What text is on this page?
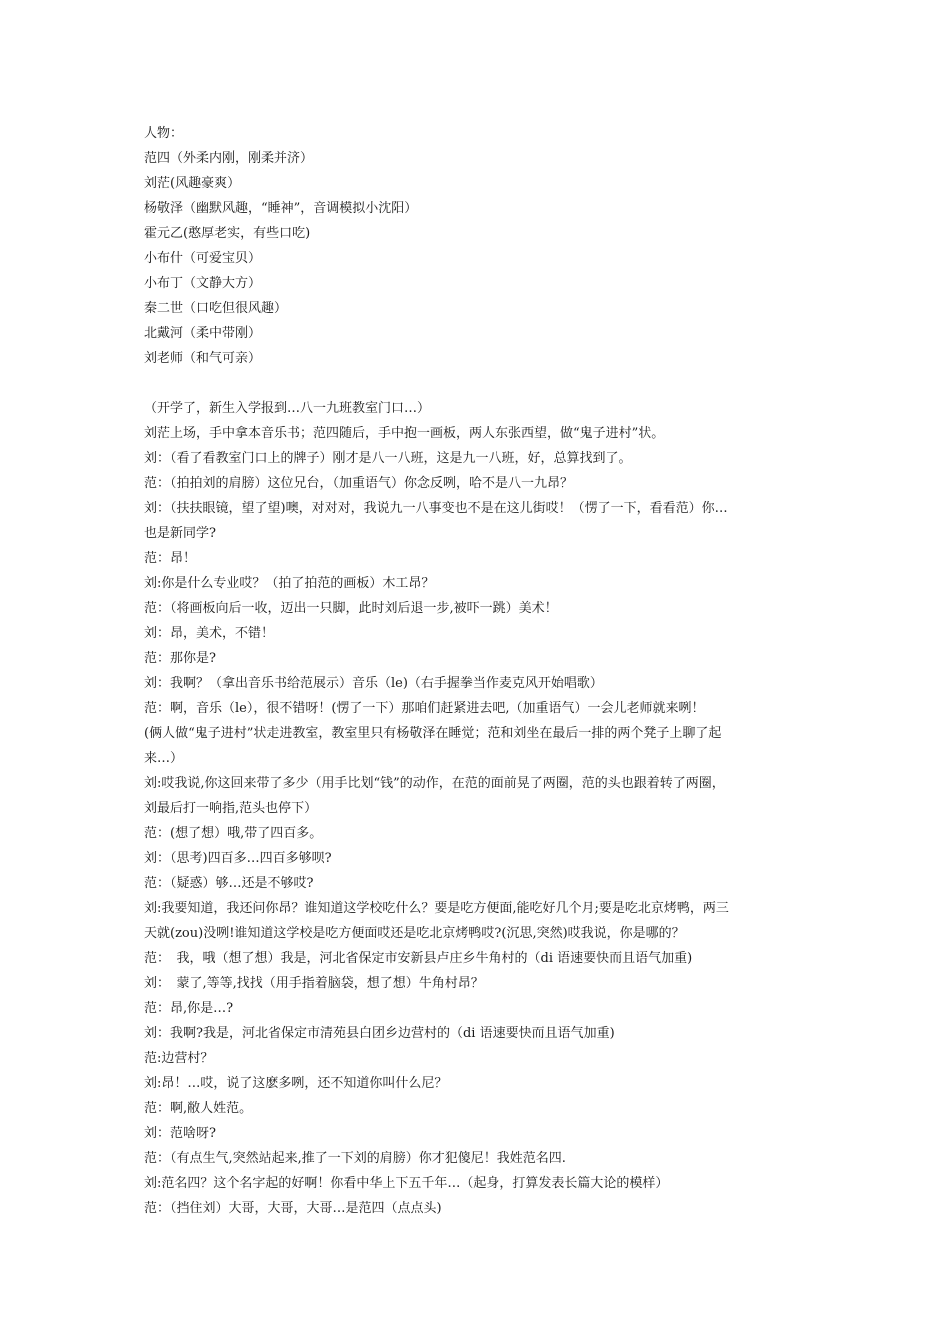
人物：
范四（外柔内刚，刚柔并济）
刘茫(风趣豪爽）
杨敬泽（幽默风趣，“睡神”，音调模拟小沈阳）
霍元乙(憨厚老实，有些口吃)
小布什（可爱宝贝）
小布丁（文静大方）
秦二世（口吃但很风趣）
北戴河（柔中带刚）
刘老师（和气可亲）
（开学了，新生入学报到…八一九班教室门口…）
刘茫上场，手中拿本音乐书；范四随后，手中抱一画板，两人东张西望，做“鬼子进村”状。
刘：（看了看教室门口上的牌子）刚才是八一八班，这是九一八班，好，总算找到了。
范：（拍拍刘的肩膀）这位兄台，（加重语气）你念反咧，哈不是八一九昂？
刘：（扶扶眼镜，望了望)噢，对对对，我说九一八事变也不是在这儿街哎！（愣了一下，看看范）你…
也是新同学?
范：昂！
刘:你是什么专业哎？（拍了拍范的画板）木工昂？
范：（将画板向后一收，迈出一只脚，此时刘后退一步,被吓一跳）美术！
刘：昂，美术，不错！
范：那你是?
刘：我啊？（拿出音乐书给范展示）音乐（le)（右手握拳当作麦克风开始唱歌）
范：啊，音乐（le），很不错呀！(愣了一下）那咱们赶紧进去吧,（加重语气）一会儿老师就来咧！
(俩人做“鬼子进村”状走进教室，教室里只有杨敬泽在睡觉；范和刘坐在最后一排的两个凳子上聊了起
来…）
刘:哎我说,你这回来带了多少（用手比划“钱”的动作，在范的面前晃了两圈，范的头也跟着转了两圈，
刘最后打一响指,范头也停下）
范：(想了想）哦,带了四百多。
刘：（思考)四百多…四百多够呗?
范：（疑惑）够…还是不够哎?
刘:我要知道，我还问你昂？谁知道这学校吃什么？要是吃方便面,能吃好几个月;要是吃北京烤鸭，两三
天就(zou)没咧!谁知道这学校是吃方便面哎还是吃北京烤鸭哎?(沉思,突然)哎我说，你是哪的？
范：　我，哦（想了想）我是，河北省保定市安新县卢庄乡牛角村的（di 语速要快而且语气加重)
刘：　蒙了,等等,找找（用手指着脑袋，想了想）牛角村昂？
范：昂,你是…?
刘：我啊?我是，河北省保定市清苑县白团乡边营村的（di 语速要快而且语气加重)
范:边营村？
刘:昂！…哎，说了这麽多咧，还不知道你叫什么尼？
范：啊,敝人姓范。
刘：范啥呀?
范：（有点生气,突然站起来,推了一下刘的肩膀）你才犯傻尼！我姓范名四.
刘:范名四？这个名字起的好啊！你看中华上下五千年…（起身，打算发表长篇大论的模样）
范：（挡住刘）大哥，大哥，大哥…是范四（点点头)
